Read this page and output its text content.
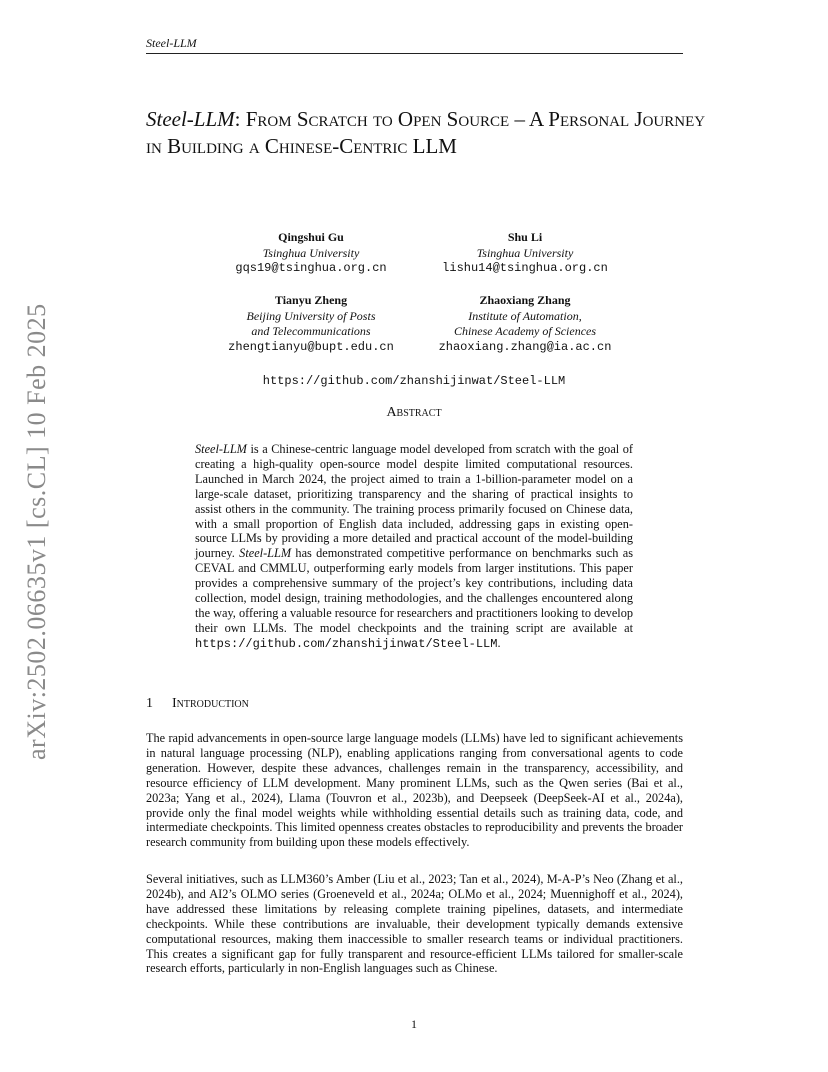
Steel-LLM
arXiv:2502.06635v1 [cs.CL] 10 Feb 2025
Steel-LLM: From Scratch to Open Source – A Personal Journey in Building a Chinese-Centric LLM
Qingshui Gu
Tsinghua University
gqs19@tsinghua.org.cn
Shu Li
Tsinghua University
lishu14@tsinghua.org.cn
Tianyu Zheng
Beijing University of Posts
and Telecommunications
zhengtianyu@bupt.edu.cn
Zhaoxiang Zhang
Institute of Automation,
Chinese Academy of Sciences
zhaoxiang.zhang@ia.ac.cn
https://github.com/zhanshijinwat/Steel-LLM
Abstract
Steel-LLM is a Chinese-centric language model developed from scratch with the goal of creating a high-quality open-source model despite limited computational resources. Launched in March 2024, the project aimed to train a 1-billion-parameter model on a large-scale dataset, prioritizing transparency and the sharing of practical insights to assist others in the community. The training process primarily focused on Chinese data, with a small proportion of English data included, addressing gaps in existing open-source LLMs by providing a more detailed and practical account of the model-building journey. Steel-LLM has demonstrated competitive performance on benchmarks such as CEVAL and CMMLU, outperforming early models from larger institutions. This paper provides a comprehensive summary of the project’s key contributions, including data collection, model design, training methodologies, and the challenges encountered along the way, offering a valuable resource for researchers and practitioners looking to develop their own LLMs. The model checkpoints and the training script are available at https://github.com/zhanshijinwat/Steel-LLM.
1 Introduction

The rapid advancements in open-source large language models (LLMs) have led to significant achievements in natural language processing (NLP), enabling applications ranging from conversational agents to code generation. However, despite these advances, challenges remain in the transparency, accessibility, and resource efficiency of LLM development. Many prominent LLMs, such as the Qwen series (Bai et al., 2023a; Yang et al., 2024), Llama (Touvron et al., 2023b), and Deepseek (DeepSeek-AI et al., 2024a), provide only the final model weights while withholding essential details such as training data, code, and intermediate checkpoints. This limited openness creates obstacles to reproducibility and prevents the broader research community from building upon these models effectively.

Several initiatives, such as LLM360’s Amber (Liu et al., 2023; Tan et al., 2024), M-A-P’s Neo (Zhang et al., 2024b), and AI2’s OLMO series (Groeneveld et al., 2024a; OLMo et al., 2024; Muennighoff et al., 2024), have addressed these limitations by releasing complete training pipelines, datasets, and intermediate checkpoints. While these contributions are invaluable, their development typically demands extensive computational resources, making them inaccessible to smaller research teams or individual practitioners. This creates a significant gap for fully transparent and resource-efficient LLMs tailored for smaller-scale research efforts, particularly in non-English languages such as Chinese.

1
